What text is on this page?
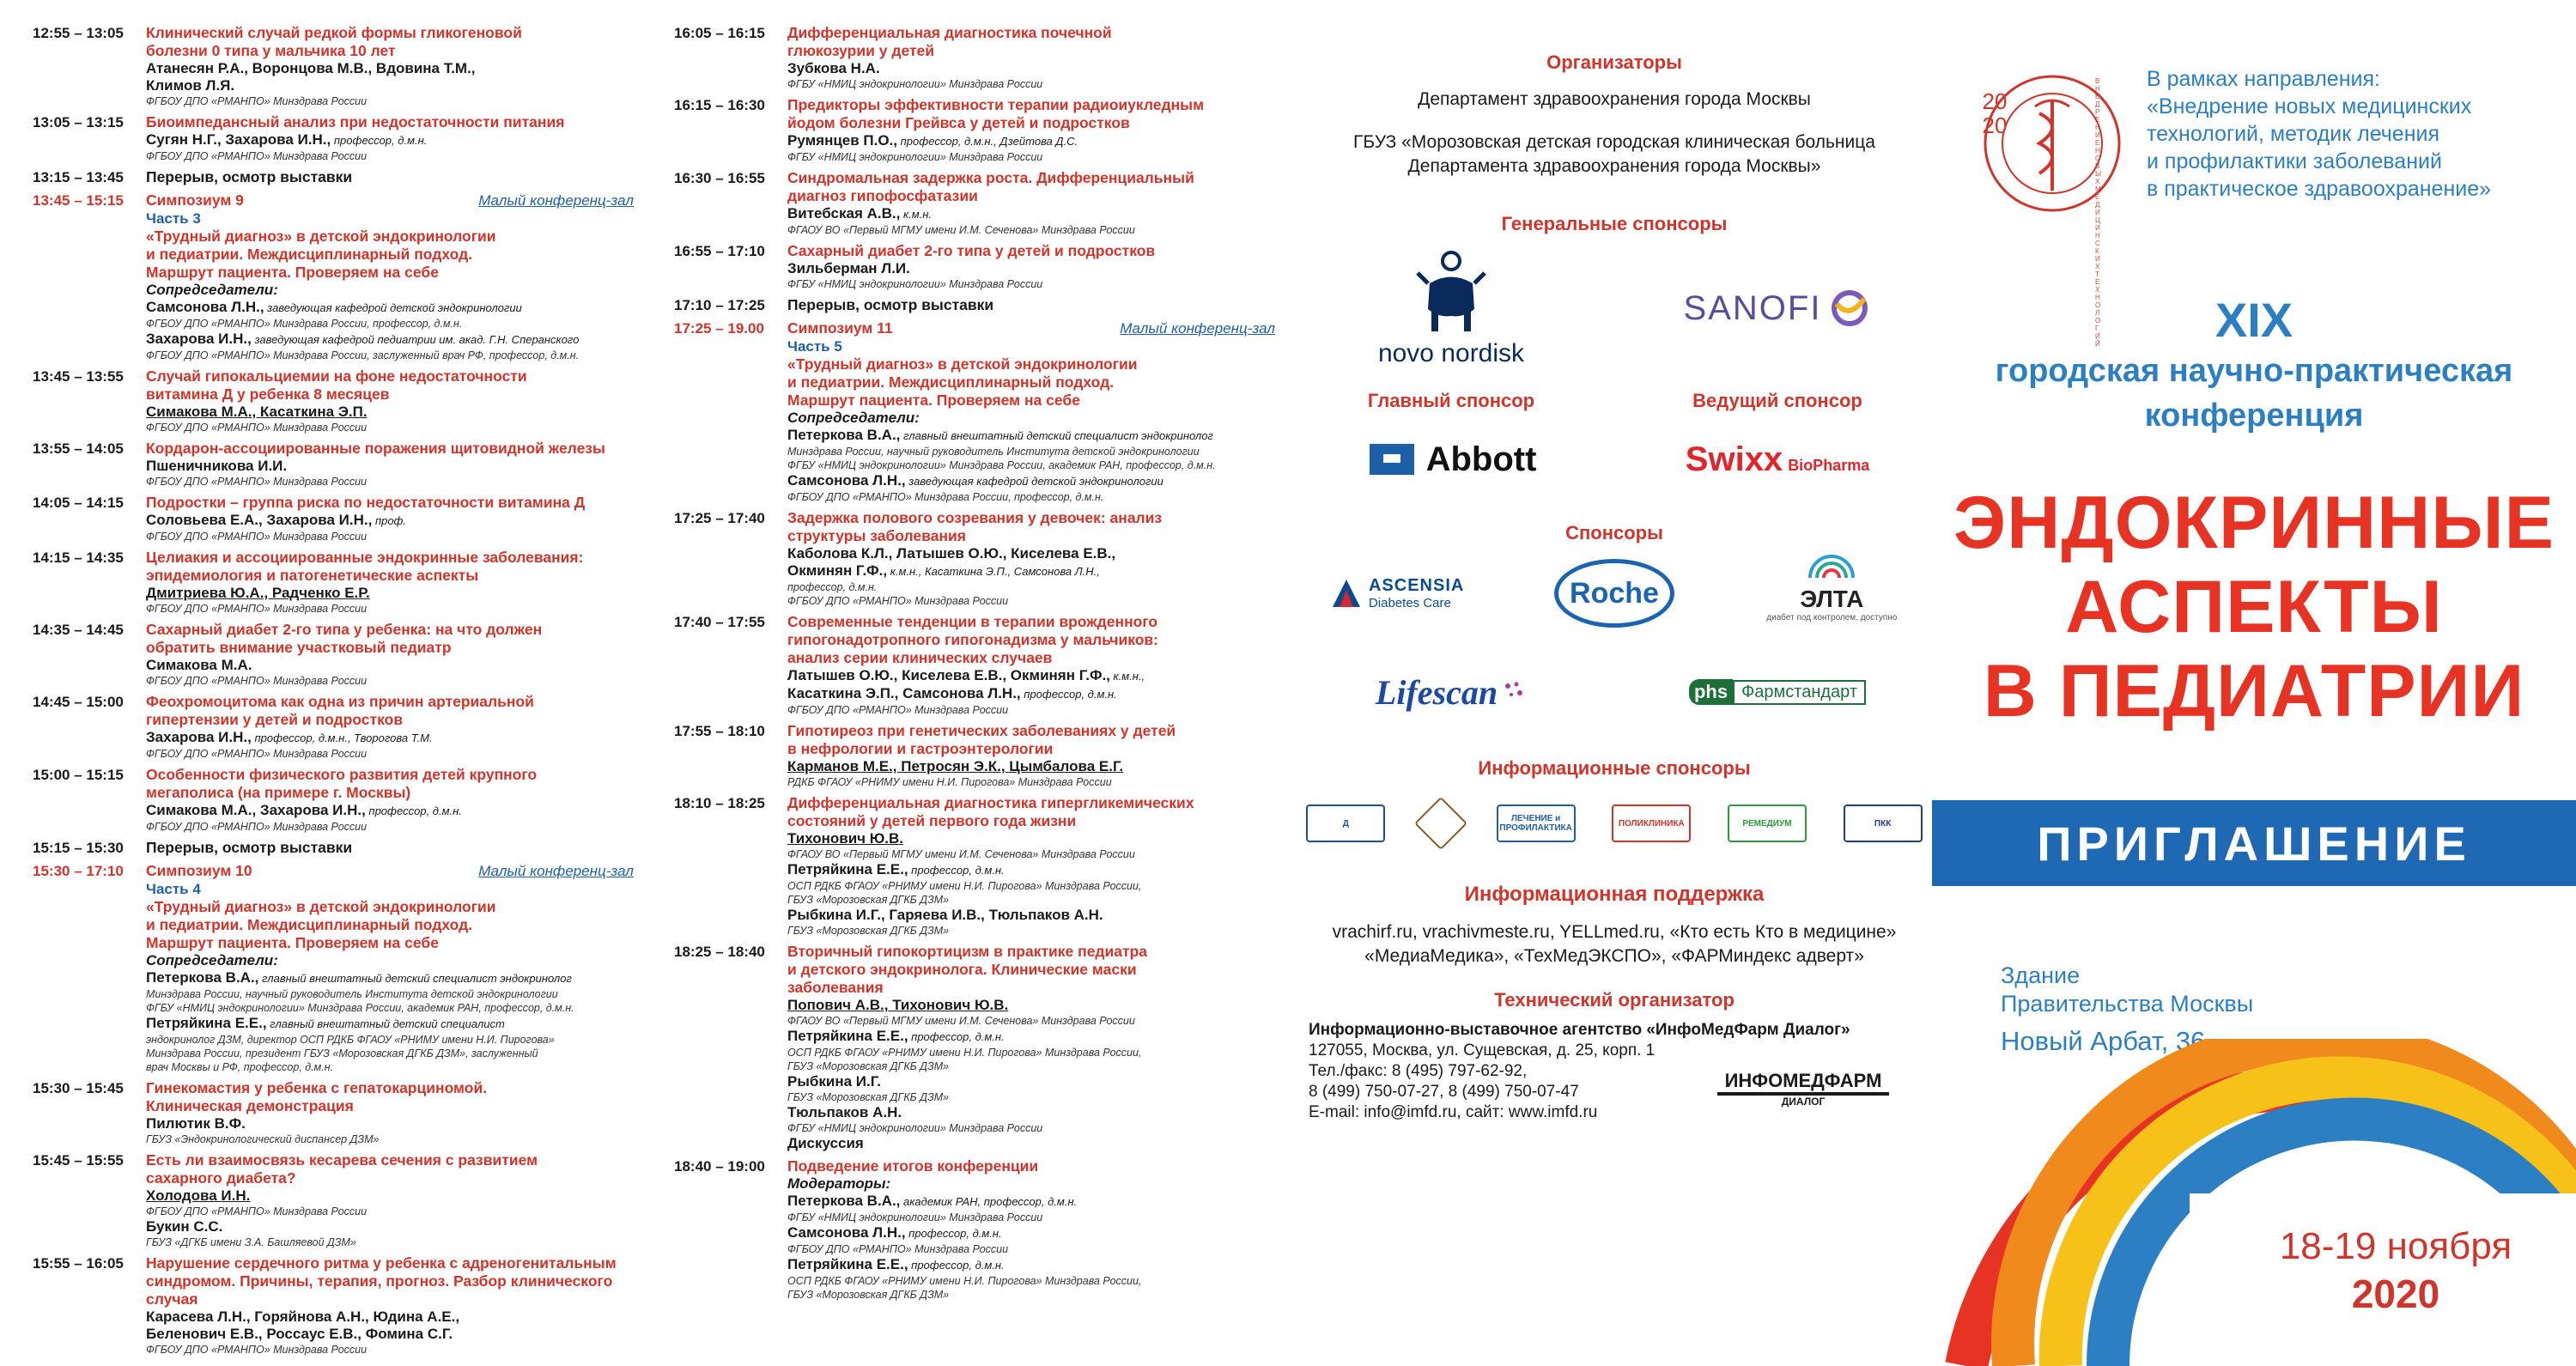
12:55 – 13:05	Клинический случай редкой формы гликогеновой
болезни 0 типа у мальчика 10 лет
Атанесян Р.А., Воронцова М.В., Вдовина Т.М.,
Климов Л.Я.
ФГБОУ ДПО «РМАНПО» Минздрава России
13:05 – 13:15	Биоимпедансный анализ при недостаточности питания
Сугян Н.Г., Захарова И.Н., профессор, д.м.н.
ФГБОУ ДПО «РМАНПО» Минздрава России
13:15 – 13:45	Перерыв, осмотр выставки
13:45 – 15:15	Симпозиум 9	Малый конференц-зал
Часть 3
«Трудный диагноз» в детской эндокринологии
и педиатрии. Междисциплинарный подход.
Маршрут пациента. Проверяем на себе
Сопредседатели:
Самсонова Л.Н., заведующая кафедрой детской эндокринологии
ФГБОУ ДПО «РМАНПО» Минздрава России, профессор, д.м.н.
Захарова И.Н., заведующая кафедрой педиатрии им. акад. Г.Н. Сперанского
ФГБОУ ДПО «РМАНПО» Минздрава России, заслуженный врач РФ, профессор, д.м.н.
13:45 – 13:55	Случай гипокальциемии на фоне недостаточности
витамина Д у ребенка 8 месяцев
Симакова М.А., Касаткина Э.П.
ФГБОУ ДПО «РМАНПО» Минздрава России
13:55 – 14:05	Кордарон-ассоциированные поражения щитовидной железы
Пшеничникова И.И.
ФГБОУ ДПО «РМАНПО» Минздрава России
14:05 – 14:15	Подростки – группа риска по недостаточности витамина Д
Соловьева Е.А., Захарова И.Н., проф.
ФГБОУ ДПО «РМАНПО» Минздрава России
14:15 – 14:35	Целиакия и ассоциированные эндокринные заболевания:
эпидемиология и патогенетические аспекты
Дмитриева Ю.А., Радченко Е.Р.
ФГБОУ ДПО «РМАНПО» Минздрава России
14:35 – 14:45	Сахарный диабет 2-го типа у ребенка: на что должен
обратить внимание участковый педиатр
Симакова М.А.
ФГБОУ ДПО «РМАНПО» Минздрава России
14:45 – 15:00	Феохромоцитома как одна из причин артериальной
гипертензии у детей и подростков
Захарова И.Н., профессор, д.м.н., Творогова Т.М.
ФГБОУ ДПО «РМАНПО» Минздрава России
15:00 – 15:15	Особенности физического развития детей крупного
мегаполиса (на примере г. Москвы)
Симакова М.А., Захарова И.Н., профессор, д.м.н.
ФГБОУ ДПО «РМАНПО» Минздрава России
15:15 – 15:30	Перерыв, осмотр выставки
15:30 – 17:10	Симпозиум 10	Малый конференц-зал
Часть 4
«Трудный диагноз» в детской эндокринологии
и педиатрии. Междисциплинарный подход.
Маршрут пациента. Проверяем на себе
Сопредседатели:
Петеркова В.А., главный внештатный детский специалист эндокринолог
Минздрава России, научный руководитель Института детской эндокринологии
ФГБУ «НМИЦ эндокринологии» Минздрава России, академик РАН, профессор, д.м.н.
Петряйкина Е.Е., главный внештатный детский специалист
эндокринолог ДЗМ, директор ОСП РДКБ ФГАОУ «РНИМУ имени Н.И. Пирогова»
Минздрава России, президент ГБУЗ «Морозовская ДГКБ ДЗМ», заслуженный
врач Москвы и РФ, профессор, д.м.н.
15:30 – 15:45	Гинекомастия у ребенка с гепатокарциномой.
Клиническая демонстрация
Пилютик В.Ф.
ГБУЗ «Эндокринологический диспансер ДЗМ»
15:45 – 15:55	Есть ли взаимосвязь кесарева сечения с развитием
сахарного диабета?
Холодова И.Н.
ФГБОУ ДПО «РМАНПО» Минздрава России
Букин С.С.
ГБУЗ «ДГКБ имени З.А. Башляевой ДЗМ»
15:55 – 16:05	Нарушение сердечного ритма у ребенка с адреногенитальным
синдромом. Причины, терапия, прогноз. Разбор клинического случая
Карасева Л.Н., Горяйнова А.Н., Юдина А.Е.,
Беленович Е.В., Россаус Е.В., Фомина С.Г.
ФГБОУ ДПО «РМАНПО» Минздрава России
16:05 – 16:15	Дифференциальная диагностика почечной
глюкозурии у детей
Зубкова Н.А.
ФГБУ «НМИЦ эндокринологии» Минздрава России
16:15 – 16:30	Предикторы эффективности терапии радиоиукледным
йодом болезни Грейвса у детей и подростков
Румянцев П.О., профессор, д.м.н., Дзейтова Д.С.
ФГБУ «НМИЦ эндокринологии» Минздрава России
16:30 – 16:55	Синдромальная задержка роста. Дифференциальный
диагноз гипофосфатазии
Витебская А.В., к.м.н.
ФГАОУ ВО «Первый МГМУ имени И.М. Сеченова» Минздрава России
16:55 – 17:10	Сахарный диабет 2-го типа у детей и подростков
Зильберман Л.И.
ФГБУ «НМИЦ эндокринологии» Минздрава России
17:10 – 17:25	Перерыв, осмотр выставки
17:25 – 19.00	Симпозиум 11	Малый конференц-зал
Часть 5
«Трудный диагноз» в детской эндокринологии
и педиатрии. Междисциплинарный подход.
Маршрут пациента. Проверяем на себе
Сопредседатели:
Петеркова В.А., главный внештатный детский специалист эндокринолог
Минздрава России, научный руководитель Института детской эндокринологии
ФГБУ «НМИЦ эндокринологии» Минздрава России, академик РАН, профессор, д.м.н.
Самсонова Л.Н., заведующая кафедрой детской эндокринологии
ФГБОУ ДПО «РМАНПО» Минздрава России, профессор, д.м.н.
17:25 – 17:40	Задержка полового созревания у девочек: анализ
структуры заболевания
Каболова К.Л., Латышев О.Ю., Киселева Е.В.,
Окминян Г.Ф., к.м.н., Касаткина Э.П., Самсонова Л.Н.,
профессор, д.м.н.
ФГБОУ ДПО «РМАНПО» Минздрава России
17:40 – 17:55	Современные тенденции в терапии врожденного
гипогонадотропного гипогонадизма у мальчиков:
анализ серии клинических случаев
Латышев О.Ю., Киселева Е.В., Окминян Г.Ф., к.м.н.,
Касаткина Э.П., Самсонова Л.Н., профессор, д.м.н.
ФГБОУ ДПО «РМАНПО» Минздрава России
17:55 – 18:10	Гипотиреоз при генетических заболеваниях у детей
в нефрологии и гастроэнтерологии
Карманов М.Е., Петросян Э.К., Цымбалова Е.Г.
РДКБ ФГАОУ «РНИМУ имени Н.И. Пирогова» Минздрава России
18:10 – 18:25	Дифференциальная диагностика гипергликемических
состояний у детей первого года жизни
Тихонович Ю.В.
ФГАОУ ВО «Первый МГМУ имени И.М. Сеченова» Минздрава России
Петряйкина Е.Е., профессор, д.м.н.
ОСП РДКБ ФГАОУ «РНИМУ имени Н.И. Пирогова» Минздрава России,
ГБУЗ «Морозовская ДГКБ ДЗМ»
Рыбкина И.Г., Гаряева И.В., Тюльпаков А.Н.
ГБУЗ «Морозовская ДГКБ ДЗМ»
18:25 – 18:40	Вторичный гипокортицизм в практике педиатра
и детского эндокринолога. Клинические маски
заболевания
Попович А.В., Тихонович Ю.В.
ФГАОУ ВО «Первый МГМУ имени И.М. Сеченова» Минздрава России
Петряйкина Е.Е., профессор, д.м.н.
ОСП РДКБ ФГАОУ «РНИМУ имени Н.И. Пирогова» Минздрава России,
ГБУЗ «Морозовская ДГКБ ДЗМ»
Рыбкина И.Г.
ГБУЗ «Морозовская ДГКБ ДЗМ»
Тюльпаков А.Н.
ФГБУ «НМИЦ эндокринологии» Минздрава России
Дискуссия
18:40 – 19:00	Подведение итогов конференции
Модераторы:
Петеркова В.А., академик РАН, профессор, д.м.н.
ФГБУ «НМИЦ эндокринологии» Минздрава России
Самсонова Л.Н., профессор, д.м.н.
ФГБОУ ДПО «РМАНПО» Минздрава России
Петряйкина Е.Е., профессор, д.м.н.
ОСП РДКБ ФГАОУ «РНИМУ имени Н.И. Пирогова» Минздрава России,
ГБУЗ «Морозовская ДГКБ ДЗМ»
Организаторы
Департамент здравоохранения города Москвы
ГБУЗ «Морозовская детская городская клиническая больница
Департамента здравоохранения города Москвы»
Генеральные спонсоры
novo nordisk
SANOFI
Главный спонсор	Ведущий спонсор
Abbott	Swixx BioPharma
Спонсоры
ASCENSIA
Diabetes Care	Roche	ЭЛТА
диабет под контролем. доступно
Lifescan	phs Фармстандарт
Информационные спонсоры
Д	ЛЕЧЕНИЕ и ПРОФИЛАКТИКА	ПОЛИКЛИНИКА	РЕМЕДИУМ	ПКК
Информационная поддержка
vrachirf.ru, vrachivmeste.ru, YELLmed.ru, «Кто есть Кто в медицине»
«МедиаМедика», «ТехМедЭКСПО», «ФАРМиндекс адверт»
Технический организатор
Информационно-выставочное агентство «ИнфоМедФарм Диалог»
127055, Москва, ул. Сущевская, д. 25, корп. 1
Тел./факс: 8 (495) 797-62-92,
8 (499) 750-07-27, 8 (499) 750-07-47
E-mail: info@imfd.ru, сайт: www.imfd.ru
ИНФОМЕДФАРМ
ДИАЛОГ
2020
ВНЕДРЕНИЕ НОВЫХ МЕДИЦИНСКИХ ТЕХНОЛОГИЙ
В рамках направления:
«Внедрение новых медицинских
технологий, методик лечения
и профилактики заболеваний
в практическое здравоохранение»
XIX
городская научно-практическая
конференция
ЭНДОКРИННЫЕ
АСПЕКТЫ
В ПЕДИАТРИИ
ПРИГЛАШЕНИЕ
Здание
Правительства Москвы
Новый Арбат, 36
18-19 ноября
2020
